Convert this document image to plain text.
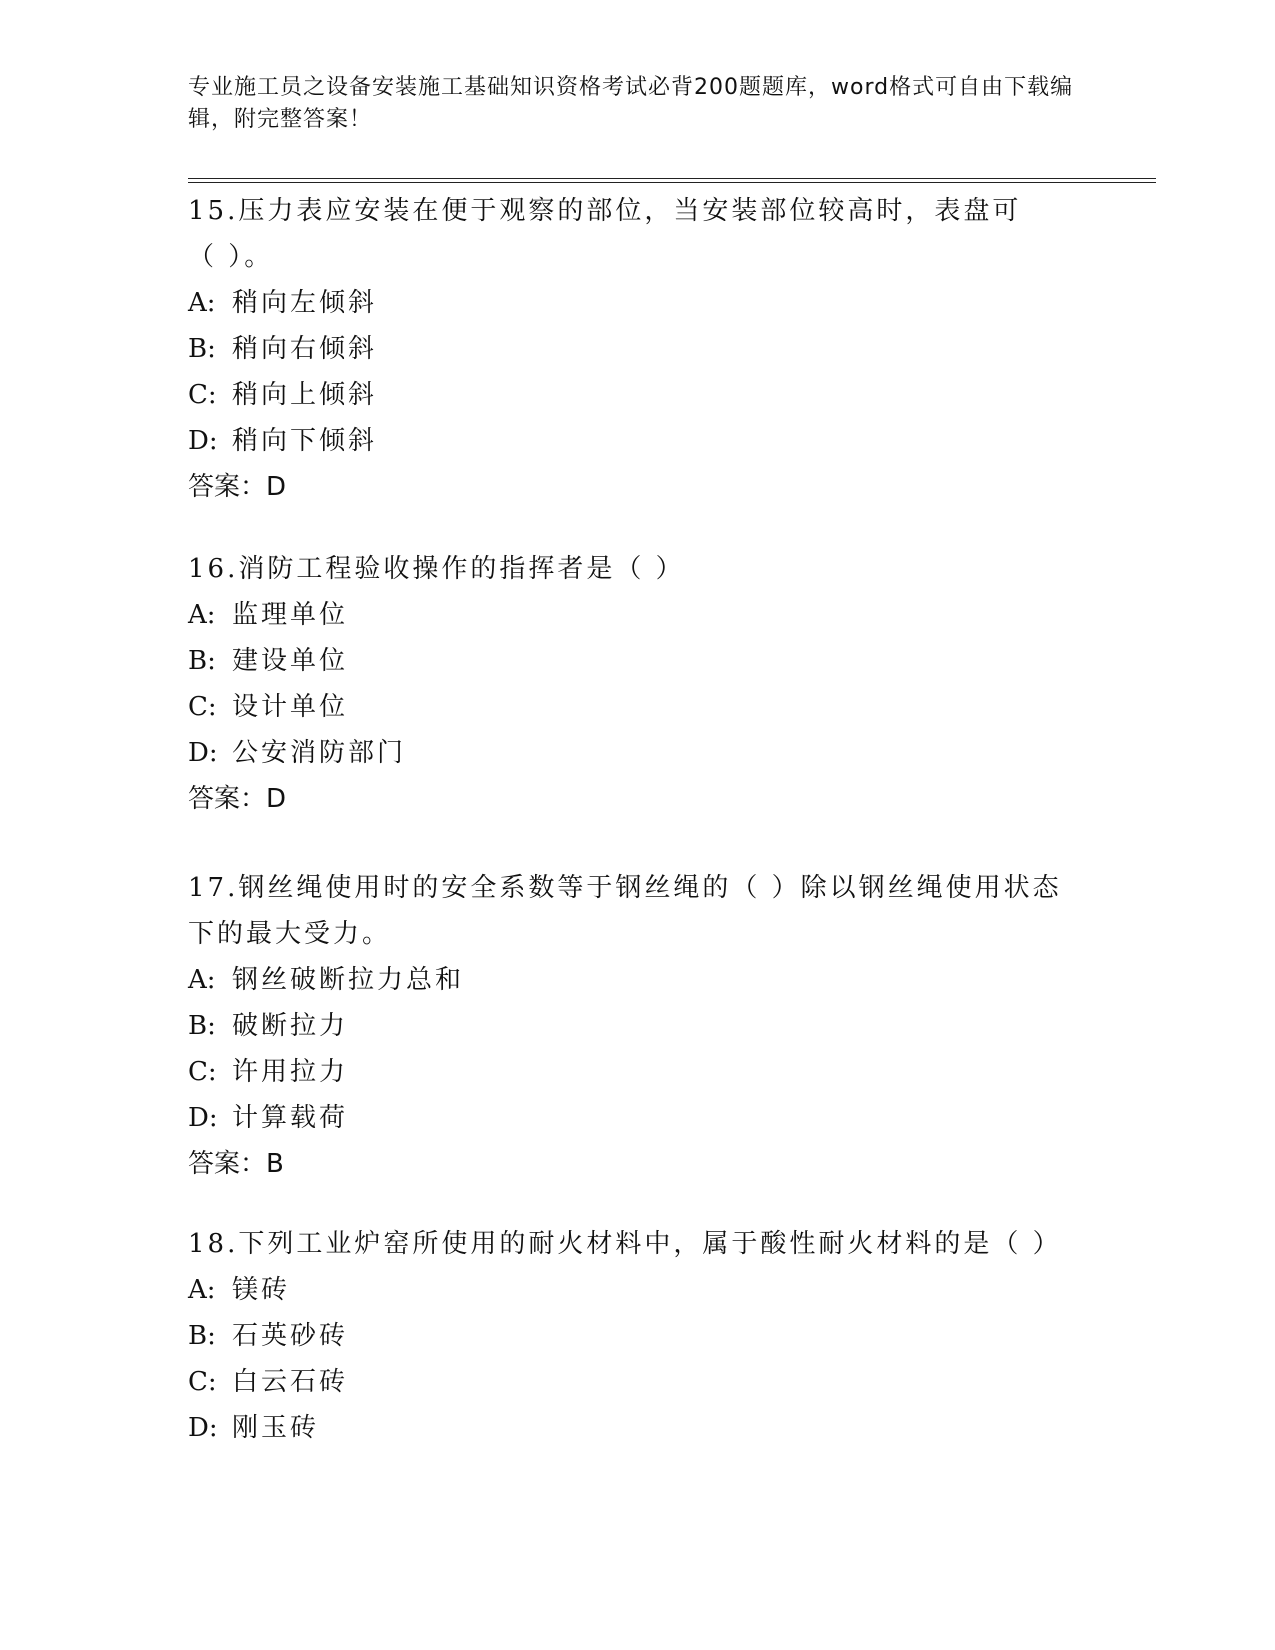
专业施工员之设备安装施工基础知识资格考试必背200题题库，word格式可自由下载编辑，附完整答案！
15.压力表应安装在便于观察的部位，当安装部位较高时，表盘可（ ）。
A: 稍向左倾斜
B: 稍向右倾斜
C: 稍向上倾斜
D: 稍向下倾斜
答案：D
16.消防工程验收操作的指挥者是（ ）
A: 监理单位
B: 建设单位
C: 设计单位
D: 公安消防部门
答案：D
17.钢丝绳使用时的安全系数等于钢丝绳的（ ）除以钢丝绳使用状态下的最大受力。
A: 钢丝破断拉力总和
B: 破断拉力
C: 许用拉力
D: 计算载荷
答案：B
18.下列工业炉窑所使用的耐火材料中，属于酸性耐火材料的是（ ）
A: 镁砖
B: 石英砂砖
C: 白云石砖
D: 刚玉砖
